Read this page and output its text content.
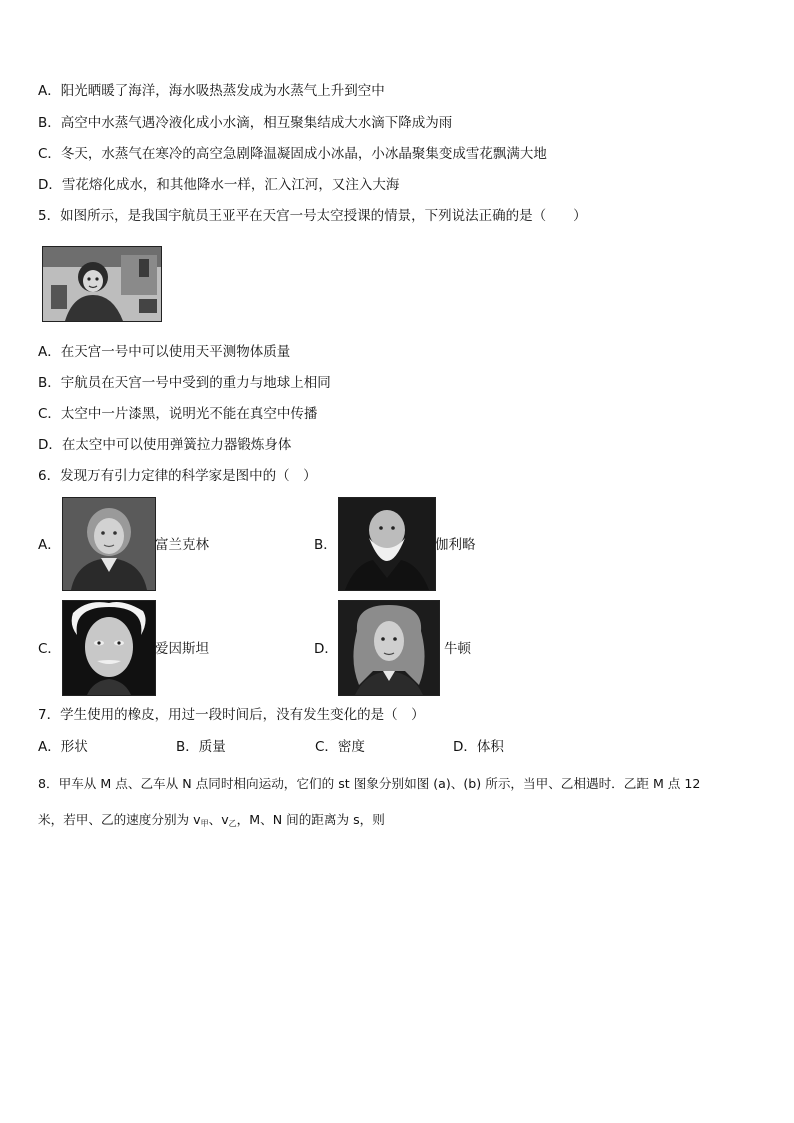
A．阳光晒暖了海洋，海水吸热蒸发成为水蒸气上升到空中
B．高空中水蒸气遇冷液化成小水滴，相互聚集结成大水滴下降成为雨
C．冬天，水蒸气在寒冷的高空急剧降温凝固成小冰晶，小冰晶聚集变成雪花飘满大地
D．雪花熔化成水，和其他降水一样，汇入江河，又注入大海
5．如图所示，是我国宇航员王亚平在天宫一号太空授课的情景，下列说法正确的是（　　）
A．在天宫一号中可以使用天平测物体质量
B．宇航员在天宫一号中受到的重力与地球上相同
C．太空中一片漆黑，说明光不能在真空中传播
D．在太空中可以使用弹簧拉力器锻炼身体
6．发现万有引力定律的科学家是图中的（　）
A．	富兰克林	B．	伽利略
C．	爱因斯坦	D．	牛顿
7．学生使用的橡皮，用过一段时间后，没有发生变化的是（　）
A．形状	B．质量	C．密度	D．体积
8．甲车从 M 点、乙车从 N 点同时相向运动，它们的 st 图象分别如图 (a)、(b) 所示，当甲、乙相遇时．乙距 M 点 12
米，若甲、乙的速度分别为 $v_甲$、$v_乙$，M、N 间的距离为 s，则
